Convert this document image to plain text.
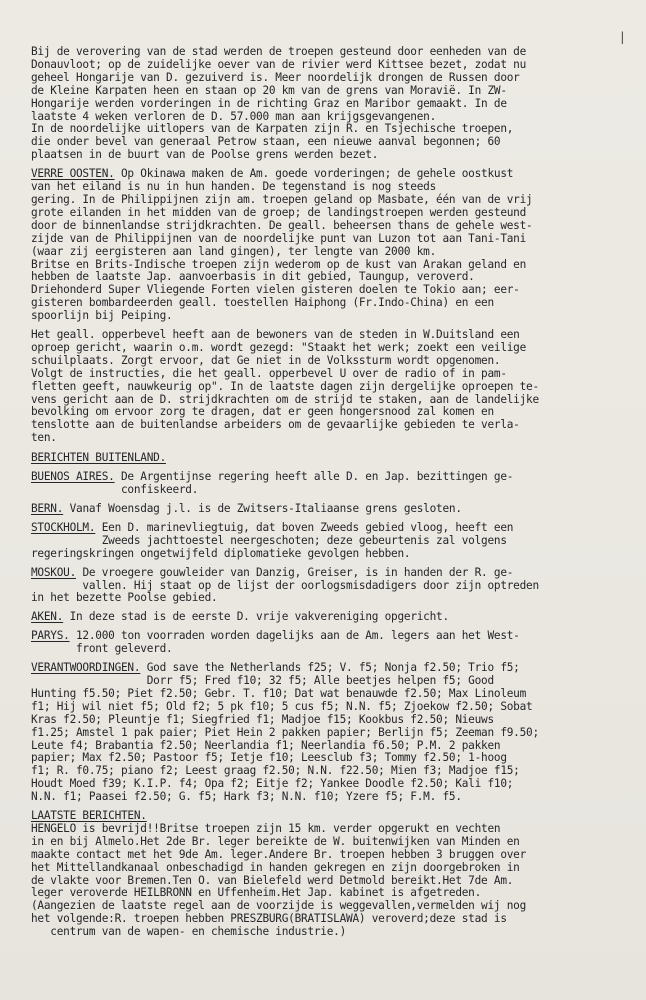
|
Bij de verovering van de stad werden de troepen gesteund door eenheden van de
Donauvloot; op de zuidelijke oever van de rivier werd Kittsee bezet, zodat nu
geheel Hongarije van D. gezuiverd is. Meer noordelijk drongen de Russen door
de Kleine Karpaten heen en staan op 20 km van de grens van Moravië. In ZW-
Hongarije werden vorderingen in de richting Graz en Maribor gemaakt. In de
laatste 4 weken verloren de D. 57.000 man aan krijgsgevangenen.
In de noordelijke uitlopers van de Karpaten zijn R. en Tsjechische troepen,
die onder bevel van generaal Petrow staan, een nieuwe aanval begonnen; 60
plaatsen in de buurt van de Poolse grens werden bezet.
VERRE OOSTEN. Op Okinawa maken de Am. goede vorderingen; de gehele oostkust
van het eiland is nu in hun handen. De tegenstand is nog steeds
gering. In de Philippijnen zijn am. troepen geland op Masbate, één van de vrij
grote eilanden in het midden van de groep; de landingstroepen werden gesteund
door de binnenlandse strijdkrachten. De geall. beheersen thans de gehele west-
zijde van de Philippijnen van de noordelijke punt van Luzon tot aan Tani-Tani
(waar zij eergisteren aan land gingen), ter lengte van 2000 km.
Britse en Brits-Indische troepen zijn wederom op de kust van Arakan geland en
hebben de laatste Jap. aanvoerbasis in dit gebied, Taungup, veroverd.
Driehonderd Super Vliegende Forten vielen gisteren doelen te Tokio aan; eer-
gisteren bombardeerden geall. toestellen Haiphong (Fr.Indo-China) en een
spoorlijn bij Peiping.
Het geall. opperbevel heeft aan de bewoners van de steden in W.Duitsland een
oproep gericht, waarin o.m. wordt gezegd: "Staakt het werk; zoekt een veilige
schuilplaats. Zorgt ervoor, dat Ge niet in de Volkssturm wordt opgenomen.
Volgt de instructies, die het geall. opperbevel U over de radio of in pam-
fletten geeft, nauwkeurig op". In de laatste dagen zijn dergelijke oproepen te-
vens gericht aan de D. strijdkrachten om de strijd te staken, aan de landelijke
bevolking om ervoor zorg te dragen, dat er geen hongersnood zal komen en
tenslotte aan de buitenlandse arbeiders om de gevaarlijke gebieden te verla-
ten.
BERICHTEN BUITENLAND.
BUENOS AIRES. De Argentijnse regering heeft alle D. en Jap. bezittingen ge-
confiskeerd.
BERN. Vanaf Woensdag j.l. is de Zwitsers-Italiaanse grens gesloten.
STOCKHOLM. Een D. marinevliegtuig, dat boven Zweeds gebied vloog, heeft een
Zweeds jachttoestel neergeschoten; deze gebeurtenis zal volgens
regeringskringen ongetwijfeld diplomatieke gevolgen hebben.
MOSKOU. De vroegere gouwleider van Danzig, Greiser, is in handen der R. ge-
vallen. Hij staat op de lijst der oorlogsmisdadigers door zijn optreden
in het bezette Poolse gebied.
AKEN. In deze stad is de eerste D. vrije vakvereniging opgericht.
PARYS. 12.000 ton voorraden worden dagelijks aan de Am. legers aan het West-
front geleverd.
VERANTWOORDINGEN. God save the Netherlands f25; V. f5; Nonja f2.50; Trio f5;
Dorr f5; Fred f10; 32 f5; Alle beetjes helpen f5; Good
Hunting f5.50; Piet f2.50; Gebr. T. f10; Dat wat benauwde f2.50; Max Linoleum
f1; Hij wil niet f5; Old f2; 5 pk f10; 5 cus f5; N.N. f5; Zjoekow f2.50; Sobat
Kras f2.50; Pleuntje f1; Siegfried f1; Madjoe f15; Kookbus f2.50; Nieuws
f1.25; Amstel 1 pak paier; Piet Hein 2 pakken papier; Berlijn f5; Zeeman f9.50;
Leute f4; Brabantia f2.50; Neerlandia f1; Neerlandia f6.50; P.M. 2 pakken
papier; Max f2.50; Pastoor f5; Ietje f10; Leesclub f3; Tommy f2.50; 1-hoog
f1; R. f0.75; piano f2; Leest graag f2.50; N.N. f22.50; Mien f3; Madjoe f15;
Houdt Moed f39; K.I.P. f4; Opa f2; Eitje f2; Yankee Doodle f2.50; Kali f10;
N.N. f1; Paasei f2.50; G. f5; Hark f3; N.N. f10; Yzere f5; F.M. f5.
LAATSTE BERICHTEN.
HENGELO is bevrijd!!Britse troepen zijn 15 km. verder opgerukt en vechten
in en bij Almelo.Het 2de Br. leger bereikte de W. buitenwijken van Minden en
maakte contact met het 9de Am. leger.Andere Br. troepen hebben 3 bruggen over
het Mittellandkanaal onbeschadigd in handen gekregen en zijn doorgebroken in
de vlakte voor Bremen.Ten O. van Bielefeld werd Detmold bereikt.Het 7de Am.
leger veroverde HEILBRONN en Uffenheim.Het Jap. kabinet is afgetreden.
(Aangezien de laatste regel aan de voorzijde is weggevallen,vermelden wij nog
het volgende:R. troepen hebben PRESZBURG(BRATISLAWA) veroverd;deze stad is
centrum van de wapen- en chemische industrie.)
